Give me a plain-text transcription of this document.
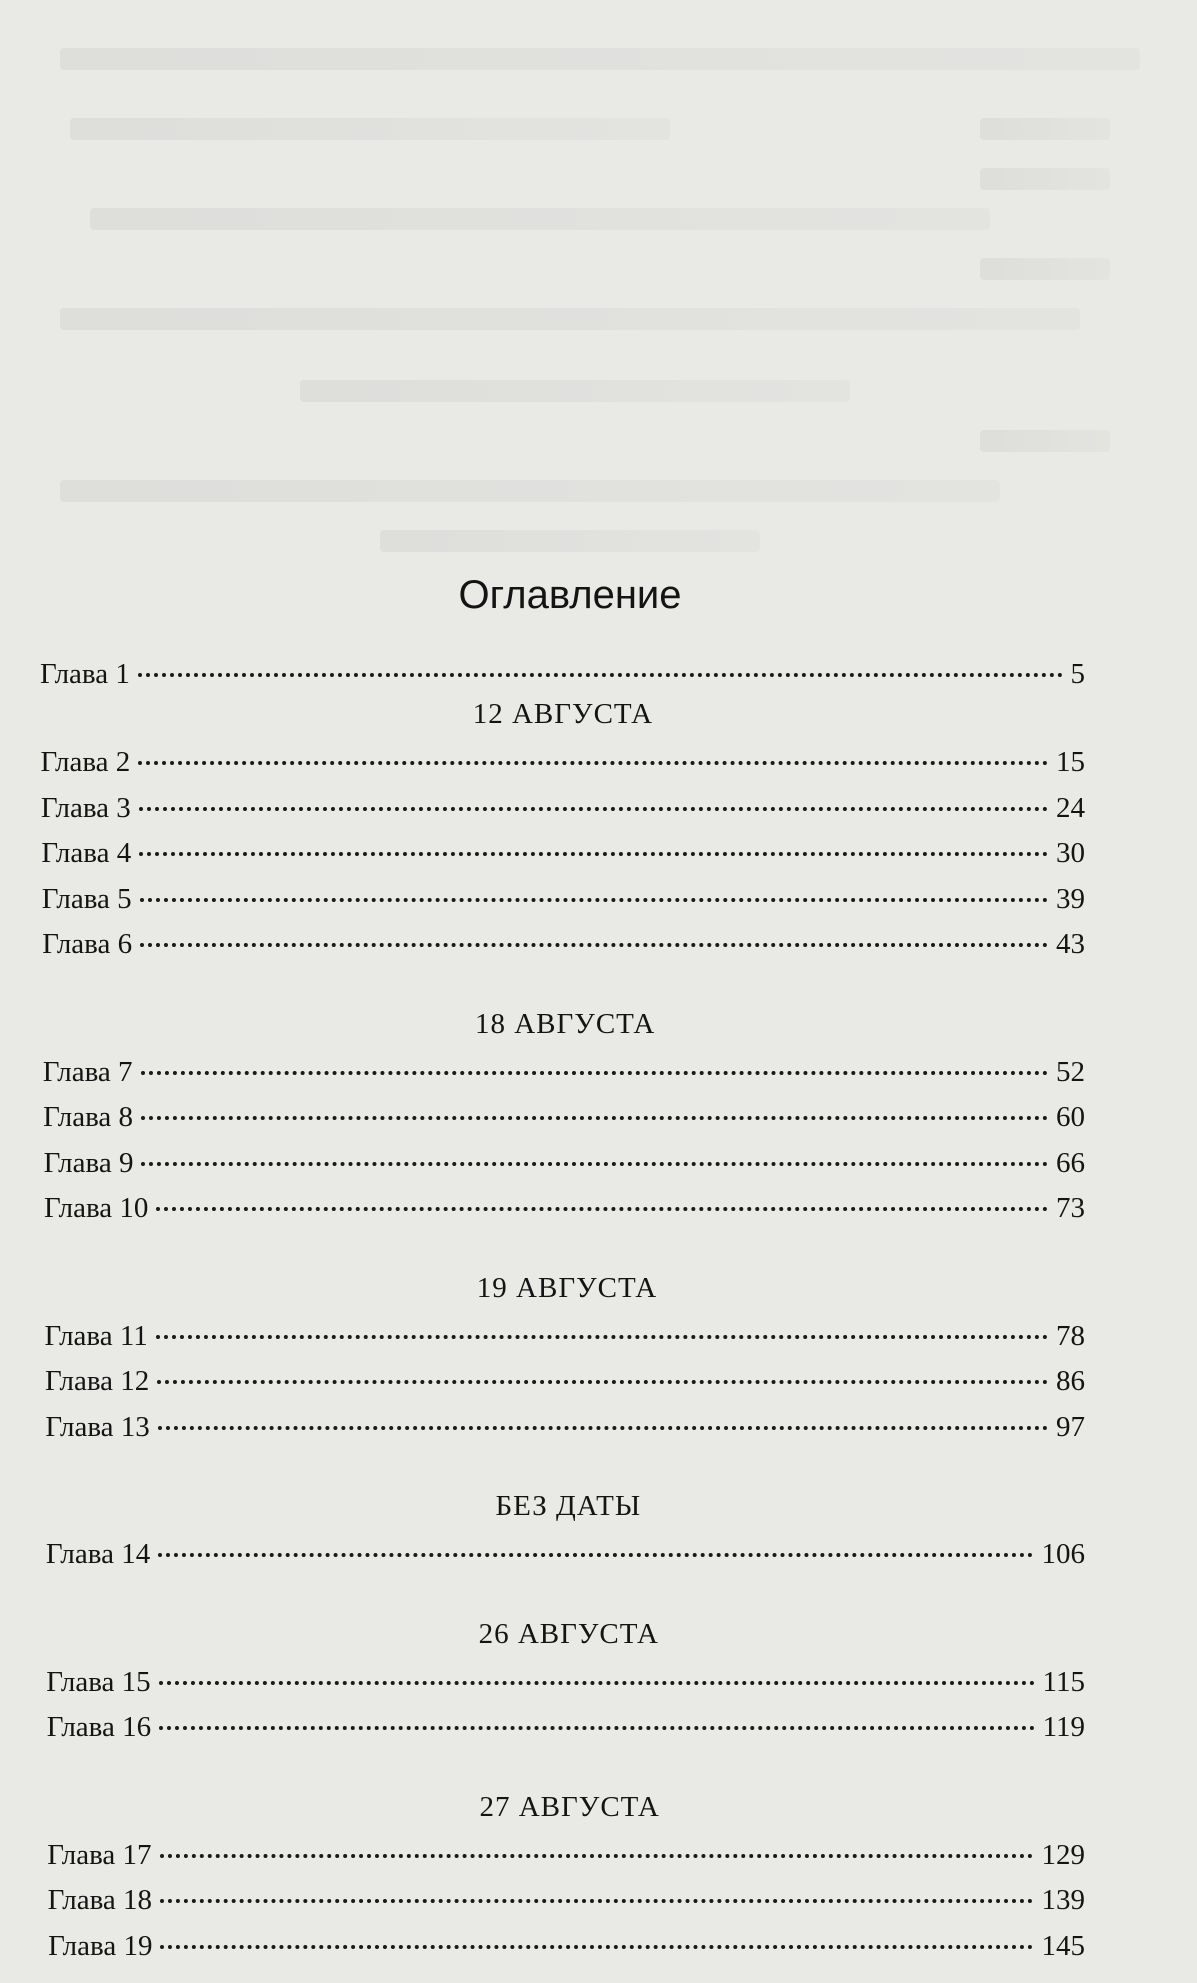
Оглавление
Глава 1	5
12 АВГУСТА
Глава 2	15
Глава 3	24
Глава 4	30
Глава 5	39
Глава 6	43
18 АВГУСТА
Глава 7	52
Глава 8	60
Глава 9	66
Глава 10	73
19 АВГУСТА
Глава 11	78
Глава 12	86
Глава 13	97
БЕЗ ДАТЫ
Глава 14	106
26 АВГУСТА
Глава 15	115
Глава 16	119
27 АВГУСТА
Глава 17	129
Глава 18	139
Глава 19	145
